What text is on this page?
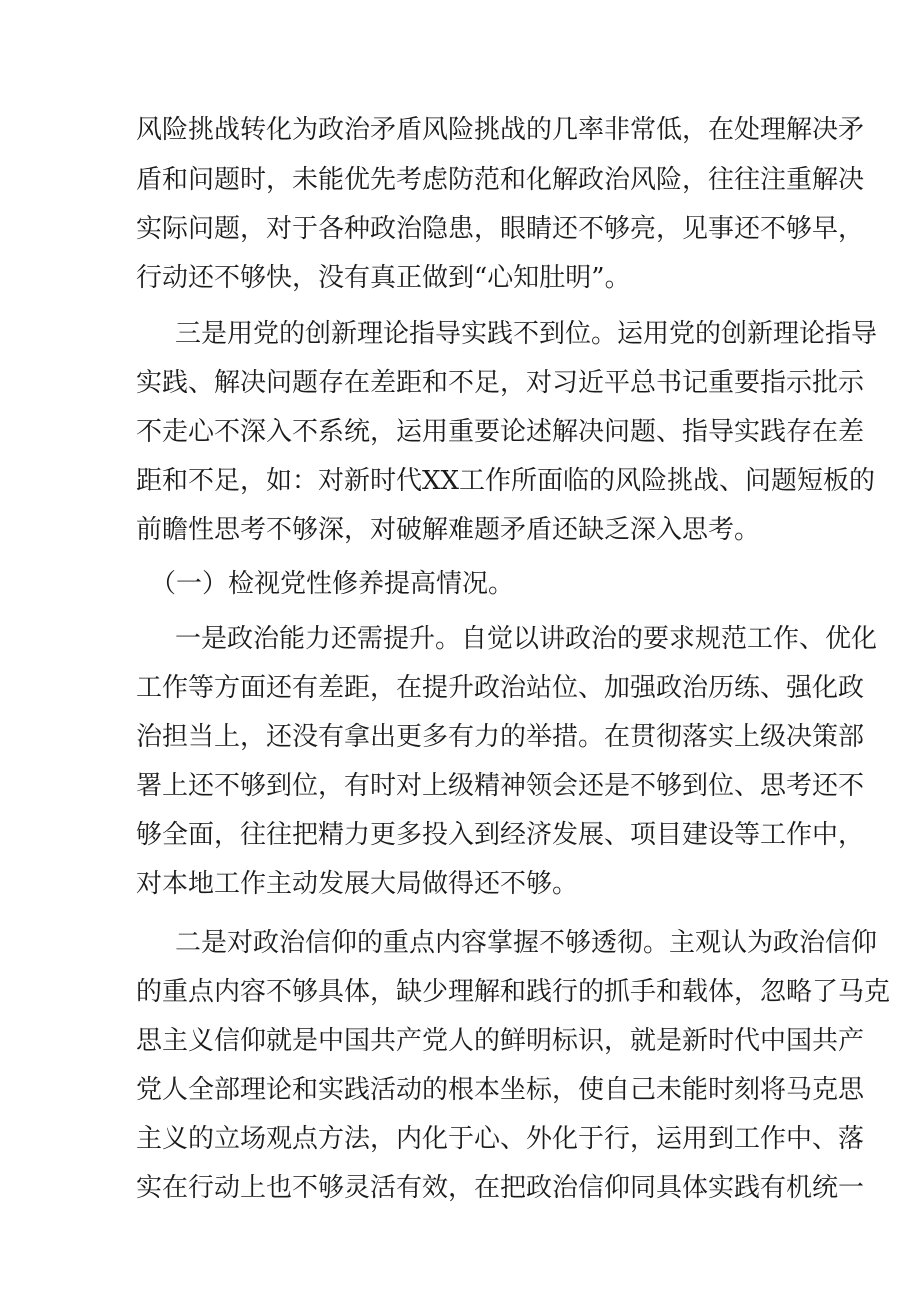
风险挑战转化为政治矛盾风险挑战的几率非常低，在处理解决矛

盾和问题时，未能优先考虑防范和化解政治风险，往往注重解决

实际问题，对于各种政治隐患，眼睛还不够亮，见事还不够早，

行动还不够快，没有真正做到“心知肚明”。

三是用党的创新理论指导实践不到位。运用党的创新理论指导

实践、解决问题存在差距和不足，对习近平总书记重要指示批示

不走心不深入不系统，运用重要论述解决问题、指导实践存在差

距和不足，如：对新时代XX工作所面临的风险挑战、问题短板的

前瞻性思考不够深，对破解难题矛盾还缺乏深入思考。

（一）检视党性修养提高情况。

一是政治能力还需提升。自觉以讲政治的要求规范工作、优化

工作等方面还有差距，在提升政治站位、加强政治历练、强化政

治担当上，还没有拿出更多有力的举措。在贯彻落实上级决策部

署上还不够到位，有时对上级精神领会还是不够到位、思考还不

够全面，往往把精力更多投入到经济发展、项目建设等工作中，

对本地工作主动发展大局做得还不够。

二是对政治信仰的重点内容掌握不够透彻。主观认为政治信仰

的重点内容不够具体，缺少理解和践行的抓手和载体，忽略了马克

思主义信仰就是中国共产党人的鲜明标识，就是新时代中国共产

党人全部理论和实践活动的根本坐标，使自己未能时刻将马克思

主义的立场观点方法，内化于心、外化于行，运用到工作中、落

实在行动上也不够灵活有效，在把政治信仰同具体实践有机统一
